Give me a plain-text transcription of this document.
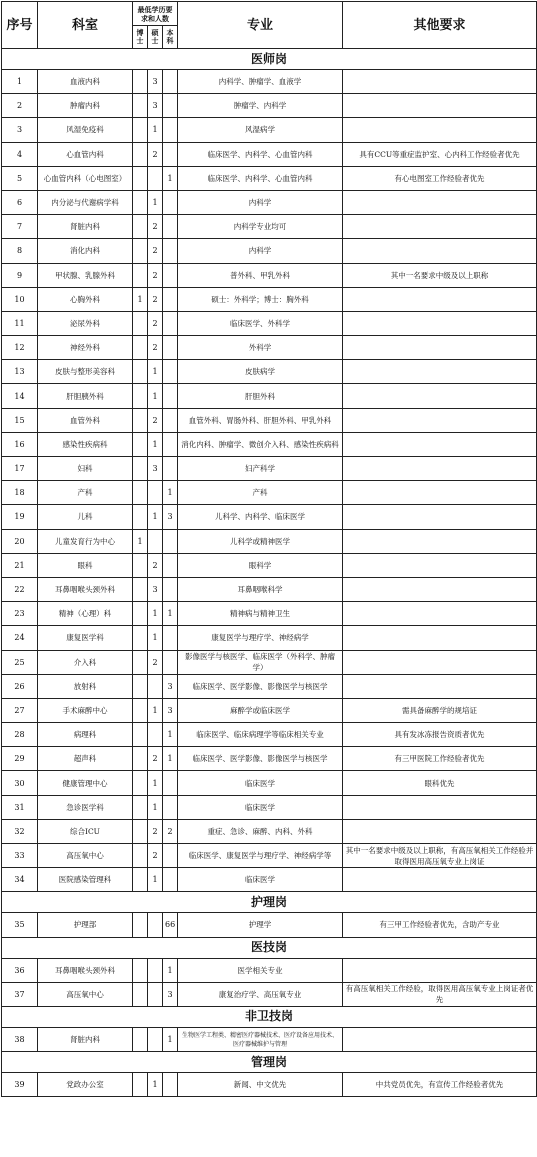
序号	科室	最低学历要求和人数			专业	其他要求
		博士	硕士	本科		
医师岗						
1	血液内科		3		内科学、肿瘤学、血液学	
2	肿瘤内科		3		肿瘤学、内科学	
3	风湿免疫科		1		风湿病学	
4	心血管内科		2		临床医学、内科学、心血管内科	具有CCU等重症监护室、心内科工作经验者优先
5	心血管内科（心电图室）			1	临床医学、内科学、心血管内科	有心电图室工作经验者优先
6	内分泌与代谢病学科		1		内科学	
7	肾脏内科		2		内科学专业均可	
8	消化内科		2		内科学	
9	甲状腺、乳腺外科		2		普外科、甲乳外科	其中一名要求中级及以上职称
10	心胸外科	1	2		硕士：外科学；博士：胸外科	
11	泌尿外科		2		临床医学、外科学	
12	神经外科		2		外科学	
13	皮肤与整形美容科		1		皮肤病学	
14	肝胆胰外科		1		肝胆外科	
15	血管外科		2		血管外科、胃肠外科、肝胆外科、甲乳外科	
16	感染性疾病科		1		消化内科、肿瘤学、微创介入科、感染性疾病科	
17	妇科		3		妇产科学	
18	产科			1	产科	
19	儿科		1	3	儿科学、内科学、临床医学	
20	儿童发育行为中心	1			儿科学或精神医学	
21	眼科		2		眼科学	
22	耳鼻咽喉头颈外科		3		耳鼻咽喉科学	
23	精神（心理）科		1	1	精神病与精神卫生	
24	康复医学科		1		康复医学与理疗学、神经病学	
25	介入科		2		影像医学与核医学、临床医学（外科学、肿瘤学）	
26	放射科			3	临床医学、医学影像、影像医学与核医学	
27	手术麻醉中心		1	3	麻醉学或临床医学	需具备麻醉学的规培证
28	病理科			1	临床医学、临床病理学等临床相关专业	具有发冰冻报告资质者优先
29	超声科		2	1	临床医学、医学影像、影像医学与核医学	有三甲医院工作经验者优先
30	健康管理中心		1		临床医学	眼科优先
31	急诊医学科		1		临床医学	
32	综合ICU		2	2	重症、急诊、麻醉、内科、外科	
33	高压氧中心		2		临床医学、康复医学与理疗学、神经病学等	其中一名要求中级及以上职称，有高压氧相关工作经验并取得医用高压氧专业上岗证
34	医院感染管理科		1		临床医学	
护理岗						
35	护理部			66	护理学	有三甲工作经验者优先，含助产专业
医技岗						
36	耳鼻咽喉头颈外科			1	医学相关专业	
37	高压氧中心			3	康复治疗学、高压氧专业	有高压氧相关工作经验，取得医用高压氧专业上岗证者优先
非卫技岗						
38	肾脏内科			1	生物医学工程类、精密医疗器械技术、医疗设备应用技术、医疗器械维护与管理	
管理岗						
39	党政办公室		1		新闻、中文优先	中共党员优先，有宣传工作经验者优先
